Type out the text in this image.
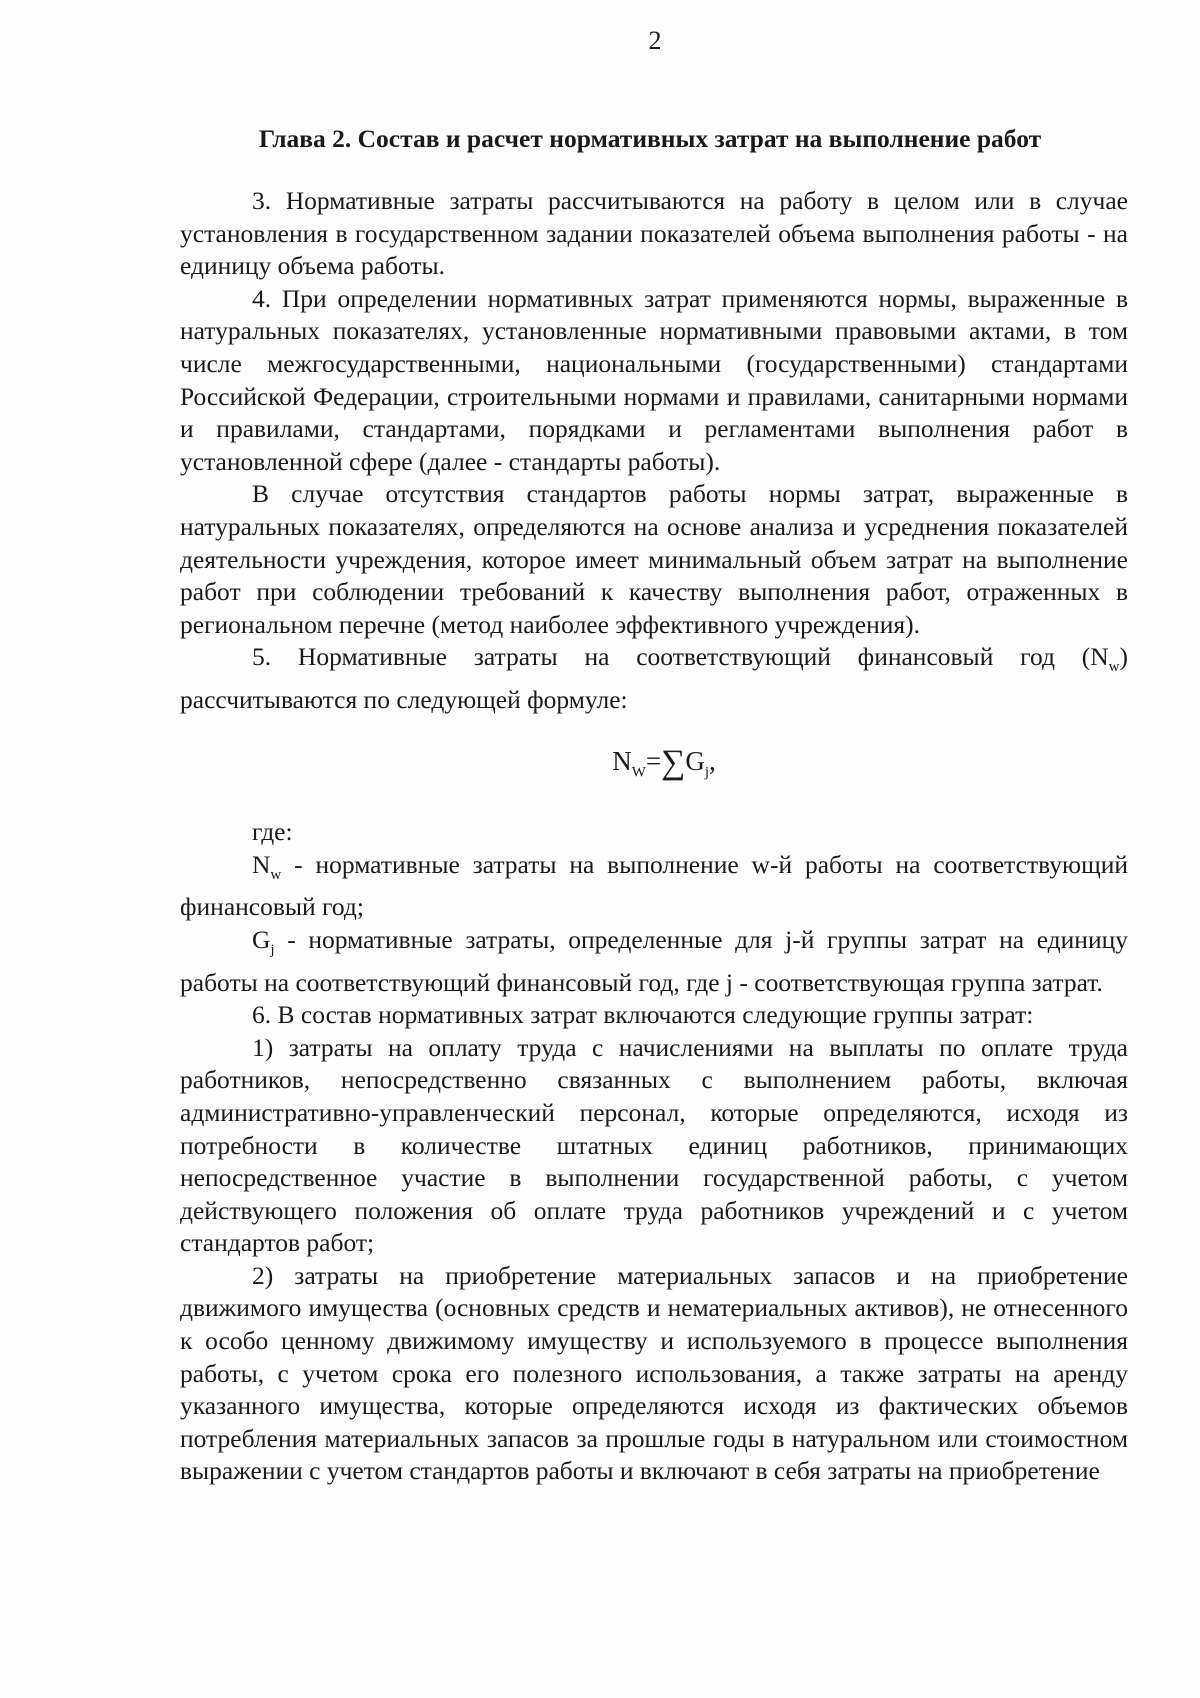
2
Глава 2. Состав и расчет нормативных затрат на выполнение работ

3. Нормативные затраты рассчитываются на работу в целом или в случае установления в государственном задании показателей объема выполнения работы - на единицу объема работы.

4. При определении нормативных затрат применяются нормы, выраженные в натуральных показателях, установленные нормативными правовыми актами, в том числе межгосударственными, национальными (государственными) стандартами Российской Федерации, строительными нормами и правилами, санитарными нормами и правилами, стандартами, порядками и регламентами выполнения работ в установленной сфере (далее - стандарты работы).

В случае отсутствия стандартов работы нормы затрат, выраженные в натуральных показателях, определяются на основе анализа и усреднения показателей деятельности учреждения, которое имеет минимальный объем затрат на выполнение работ при соблюдении требований к качеству выполнения работ, отраженных в региональном перечне (метод наиболее эффективного учреждения).

5. Нормативные затраты на соответствующий финансовый год $(N_w)$ рассчитываются по следующей формуле:

$N_W=\sum G_j$,

где:

$N_w$ - нормативные затраты на выполнение w-й работы на соответствующий финансовый год;

$G_j$ - нормативные затраты, определенные для j-й группы затрат на единицу работы на соответствующий финансовый год, где j - соответствующая группа затрат.

6. В состав нормативных затрат включаются следующие группы затрат:

1) затраты на оплату труда с начислениями на выплаты по оплате труда работников, непосредственно связанных с выполнением работы, включая административно-управленческий персонал, которые определяются, исходя из потребности в количестве штатных единиц работников, принимающих непосредственное участие в выполнении государственной работы, с учетом действующего положения об оплате труда работников учреждений и с учетом стандартов работ;

2) затраты на приобретение материальных запасов и на приобретение движимого имущества (основных средств и нематериальных активов), не отнесенного к особо ценному движимому имуществу и используемого в процессе выполнения работы, с учетом срока его полезного использования, а также затраты на аренду указанного имущества, которые определяются исходя из фактических объемов потребления материальных запасов за прошлые годы в натуральном или стоимостном выражении с учетом стандартов работы и включают в себя затраты на приобретение
